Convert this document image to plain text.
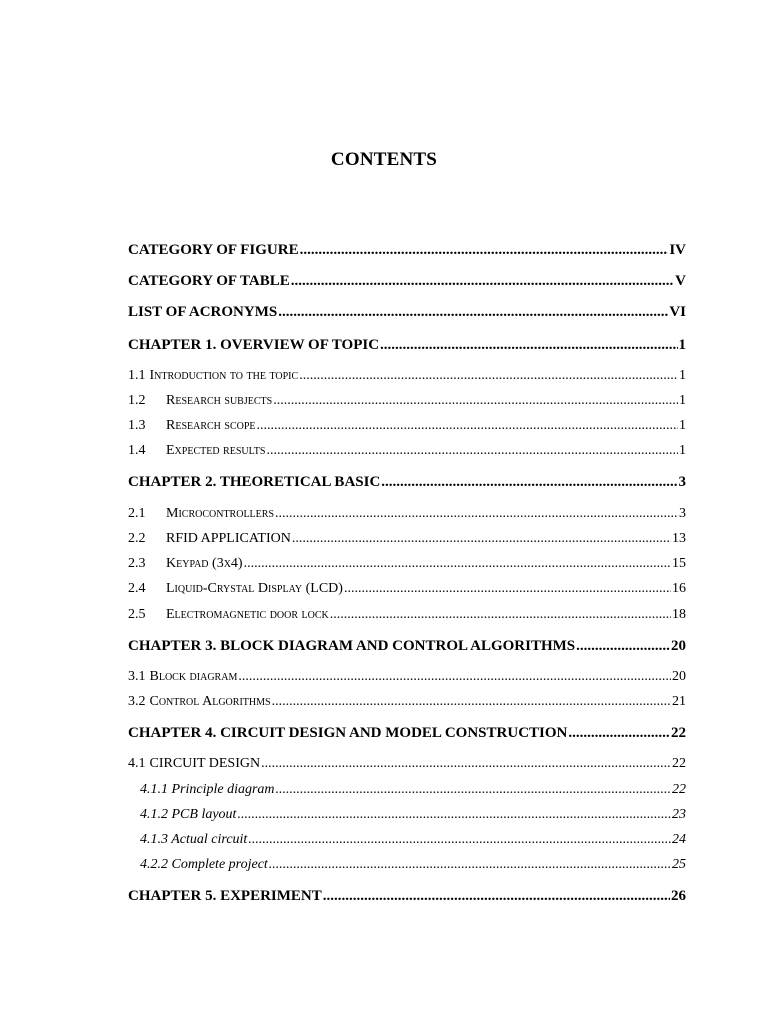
CONTENTS
CATEGORY OF FIGURE .....	IV
CATEGORY OF TABLE .....	V
LIST OF ACRONYMS .....	VI
CHAPTER 1. OVERVIEW OF TOPIC .....	1
1.1 Introduction to the topic .....	1
1.2 Research subjects .....	1
1.3 Research scope .....	1
1.4 Expected results .....	1
CHAPTER 2. THEORETICAL BASIC .....	3
2.1 Microcontrollers .....	3
2.2 RFID APPLICATION .....	13
2.3 Keypad (3x4) .....	15
2.4 Liquid-Crystal Display (LCD) .....	16
2.5 Electromagnetic door lock .....	18
CHAPTER 3. BLOCK DIAGRAM AND CONTROL ALGORITHMS .....	20
3.1 Block diagram .....	20
3.2 Control Algorithms .....	21
CHAPTER 4. CIRCUIT DESIGN AND MODEL CONSTRUCTION .....	22
4.1 CIRCUIT DESIGN .....	22
4.1.1 Principle diagram .....	22
4.1.2 PCB layout .....	23
4.1.3 Actual circuit .....	24
4.2.2 Complete project .....	25
CHAPTER 5. EXPERIMENT .....	26
